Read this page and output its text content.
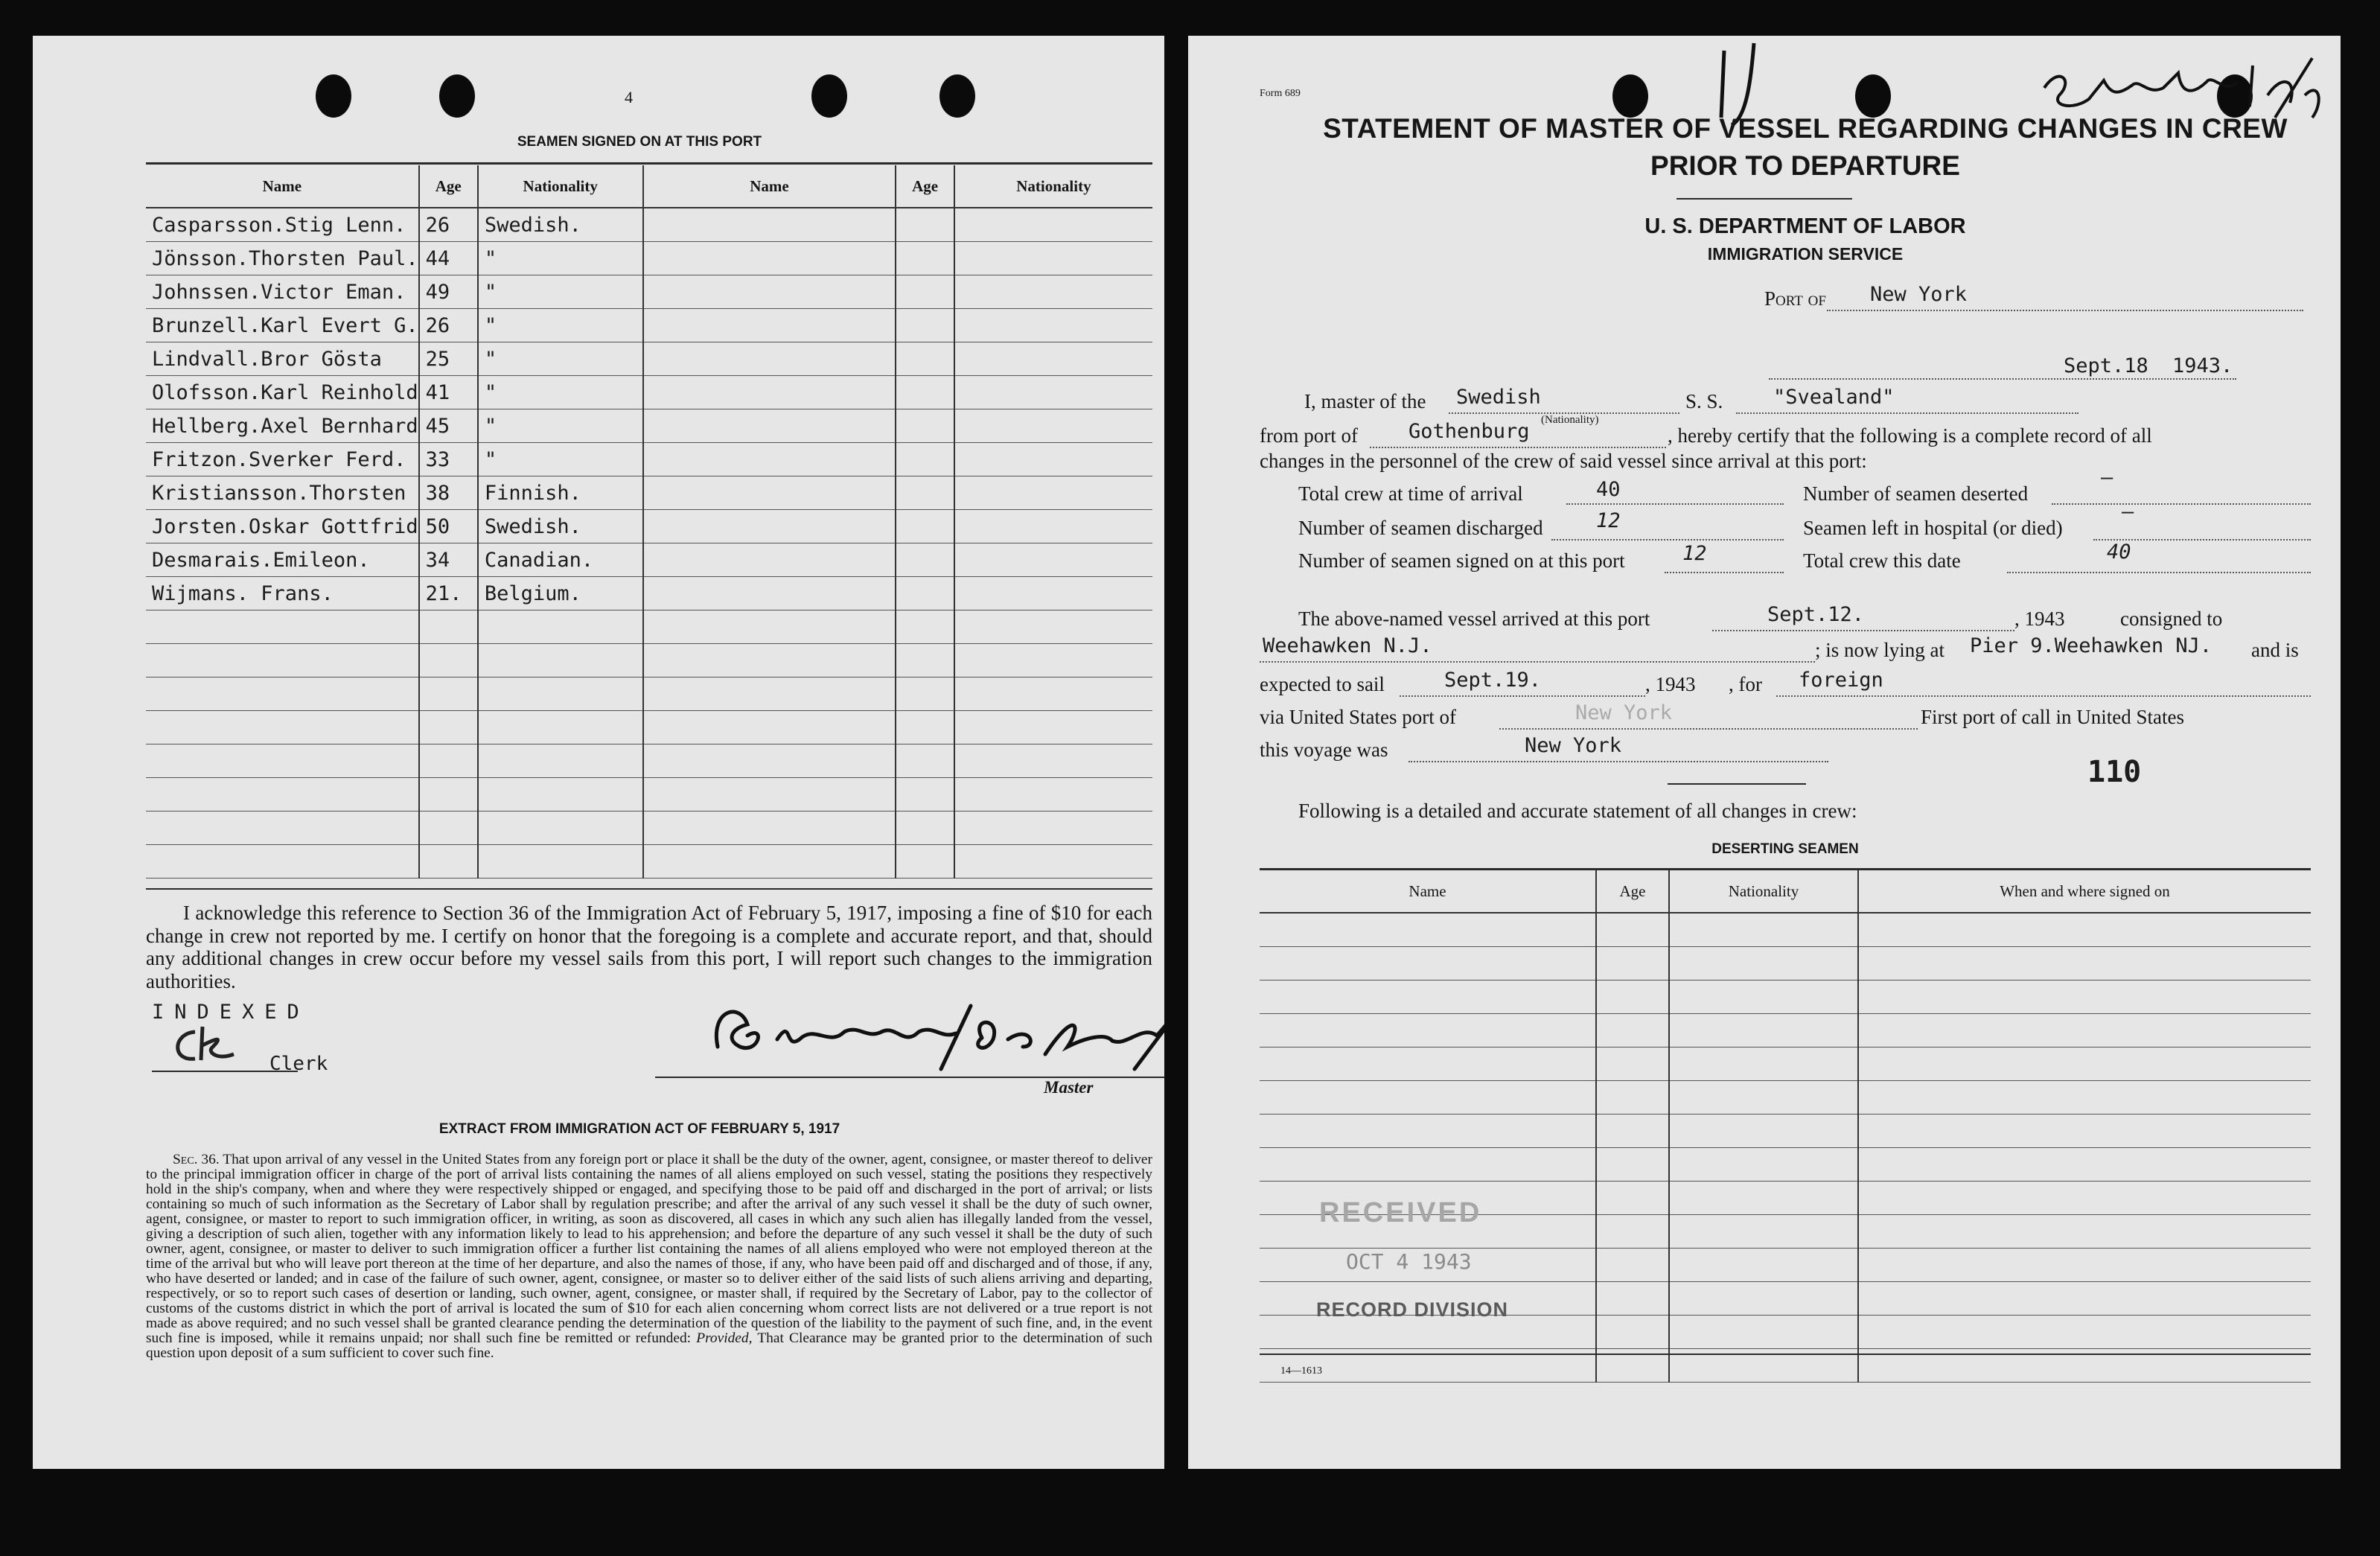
4
SEAMEN SIGNED ON AT THIS PORT
Name	Age	Nationality	Name	Age	Nationality
Casparsson.Stig Lenn.	26	Swedish.			
Jönsson.Thorsten Paul.	44	"			
Johnssen.Victor Eman.	49	"			
Brunzell.Karl Evert G.	26	"			
Lindvall.Bror Gösta	25	"			
Olofsson.Karl Reinhold	41	"			
Hellberg.Axel Bernhard	45	"			
Fritzon.Sverker Ferd.	33	"			
Kristiansson.Thorsten	38	Finnish.			
Jorsten.Oskar Gottfrid	50	Swedish.			
Desmarais.Emileon.	34	Canadian.			
Wijmans. Frans.	21.	Belgium.			

I acknowledge this reference to Section 36 of the Immigration Act of February 5, 1917, imposing a fine of $10 for each change in crew not reported by me. I certify on honor that the foregoing is a complete and accurate report, and that, should any additional changes in crew occur before my vessel sails from this port, I will report such changes to the immigration authorities.
INDEXED
Clerk
Master
EXTRACT FROM IMMIGRATION ACT OF FEBRUARY 5, 1917
Sec. 36. That upon arrival of any vessel in the United States from any foreign port or place it shall be the duty of the owner, agent, consignee, or master thereof to deliver to the principal immigration officer in charge of the port of arrival lists containing the names of all aliens employed on such vessel, stating the positions they respectively hold in the ship's company, when and where they were respectively shipped or engaged, and specifying those to be paid off and discharged in the port of arrival; or lists containing so much of such information as the Secretary of Labor shall by regulation prescribe; and after the arrival of any such vessel it shall be the duty of such owner, agent, consignee, or master to report to such immigration officer, in writing, as soon as discovered, all cases in which any such alien has illegally landed from the vessel, giving a description of such alien, together with any information likely to lead to his apprehension; and before the departure of any such vessel it shall be the duty of such owner, agent, consignee, or master to deliver to such immigration officer a further list containing the names of all aliens employed who were not employed thereon at the time of the arrival but who will leave port thereon at the time of her departure, and also the names of those, if any, who have been paid off and discharged and of those, if any, who have deserted or landed; and in case of the failure of such owner, agent, consignee, or master so to deliver either of the said lists of such aliens arriving and departing, respectively, or so to report such cases of desertion or landing, such owner, agent, consignee, or master shall, if required by the Secretary of Labor, pay to the collector of customs of the customs district in which the port of arrival is located the sum of $10 for each alien concerning whom correct lists are not delivered or a true report is not made as above required; and no such vessel shall be granted clearance pending the determination of the question of the liability to the payment of such fine, and, in the event such fine is imposed, while it remains unpaid; nor shall such fine be remitted or refunded: Provided, That Clearance may be granted prior to the determination of such question upon deposit of a sum sufficient to cover such fine.
Form 689
STATEMENT OF MASTER OF VESSEL REGARDING CHANGES IN CREW
PRIOR TO DEPARTURE
U. S. DEPARTMENT OF LABOR
IMMIGRATION SERVICE
Port of New York
Sept.18 1943.
I, master of the Swedish
(Nationality)
S. S.	"Svealand"
from port of	Gothenburg	, hereby certify that the following is a complete record of all
changes in the personnel of the crew of said vessel since arrival at this port:
Total crew at time of arrival	40	Number of seamen deserted
—
Number of seamen discharged	12	Seamen left in hospital (or died)
—
Number of seamen signed on at this port	12	Total crew this date	40
The above-named vessel arrived at this port	Sept.12.	, 1943	consigned to
Weehawken N.J.	; is now lying at Pier 9.Weehawken NJ. and is
expected to sail	Sept.19.	, 1943 , for foreign
via United States port of	New York	First port of call in United States
this voyage was	New York
110
Following is a detailed and accurate statement of all changes in crew:
DESERTING SEAMEN
Name	Age	Nationality	When and where signed on

RECEIVED
OCT 4 1943
RECORD DIVISION
14—1613
